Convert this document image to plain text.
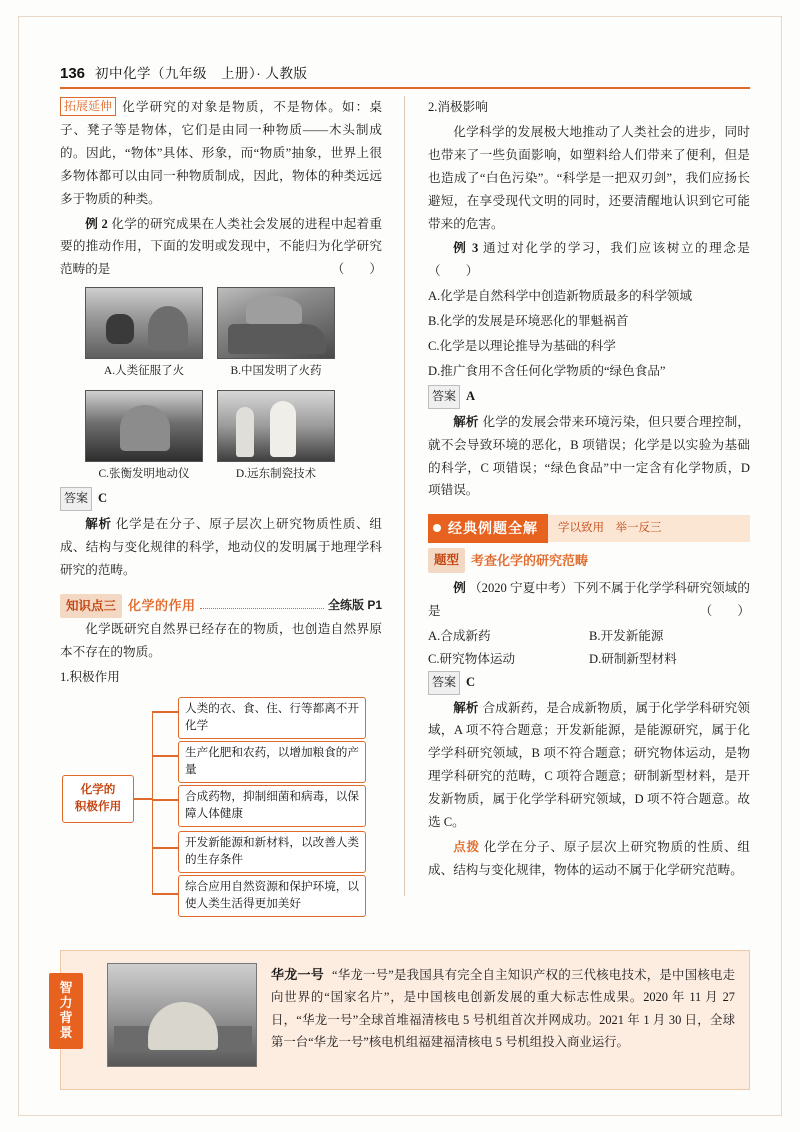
136 初中化学（九年级　上册）· 人教版

拓展延伸 化学研究的对象是物质，不是物体。如：桌子、凳子等是物体，它们是由同一种物质——木头制成的。因此，“物体”具体、形象，而“物质”抽象，世界上很多物体都可以由同一种物质制成，因此，物体的种类远远多于物质的种类。

例 2 化学的研究成果在人类社会发展的进程中起着重要的推动作用，下面的发明或发现中，不能归为化学研究范畴的是	（　　）

A.人类征服了火	B.中国发明了火药
C.张衡发明地动仪	D.远东制瓷技术

答案 C

解析 化学是在分子、原子层次上研究物质性质、组成、结构与变化规律的科学，地动仪的发明属于地理学科研究的范畴。

知识点三 化学的作用	全练版 P1

化学既研究自然界已经存在的物质，也创造自然界原本不存在的物质。

1.积极作用

化学的
积极作用
人类的衣、食、住、行等都离不开化学
生产化肥和农药，以增加粮食的产量
合成药物，抑制细菌和病毒，以保障人体健康
开发新能源和新材料，以改善人类的生存条件
综合应用自然资源和保护环境，以使人类生活得更加美好

2.消极影响

化学科学的发展极大地推动了人类社会的进步，同时也带来了一些负面影响，如塑料给人们带来了便利，但是也造成了“白色污染”。“科学是一把双刃剑”，我们应扬长避短，在享受现代文明的同时，还要清醒地认识到它可能带来的危害。

例 3 通过对化学的学习，我们应该树立的理念是（　　）

A.化学是自然科学中创造新物质最多的科学领域

B.化学的发展是环境恶化的罪魁祸首

C.化学是以理论推导为基础的科学

D.推广食用不含任何化学物质的“绿色食品”

答案 A

解析 化学的发展会带来环境污染，但只要合理控制，就不会导致环境的恶化，B 项错误；化学是以实验为基础的科学，C 项错误；“绿色食品”中一定含有化学物质，D 项错误。

经典例题全解	学以致用　举一反三
题型 考查化学的研究范畴

例 （2020 宁夏中考）下列不属于化学学科研究领域的是	（　　）

A.合成新药	B.开发新能源
C.研究物体运动	D.研制新型材料

答案 C

解析 合成新药，是合成新物质，属于化学学科研究领域，A 项不符合题意；开发新能源，是能源研究，属于化学学科研究领域，B 项不符合题意；研究物体运动，是物理学科研究的范畴，C 项符合题意；研制新型材料，是开发新物质，属于化学学科研究领域，D 项不符合题意。故选 C。

点拨 化学在分子、原子层次上研究物质的性质、组成、结构与变化规律，物体的运动不属于化学研究范畴。

智力背景
华龙一号 “华龙一号”是我国具有完全自主知识产权的三代核电技术，是中国核电走向世界的“国家名片”，是中国核电创新发展的重大标志性成果。2020 年 11 月 27 日，“华龙一号”全球首堆福清核电 5 号机组首次并网成功。2021 年 1 月 30 日，全球第一台“华龙一号”核电机组福建福清核电 5 号机组投入商业运行。
